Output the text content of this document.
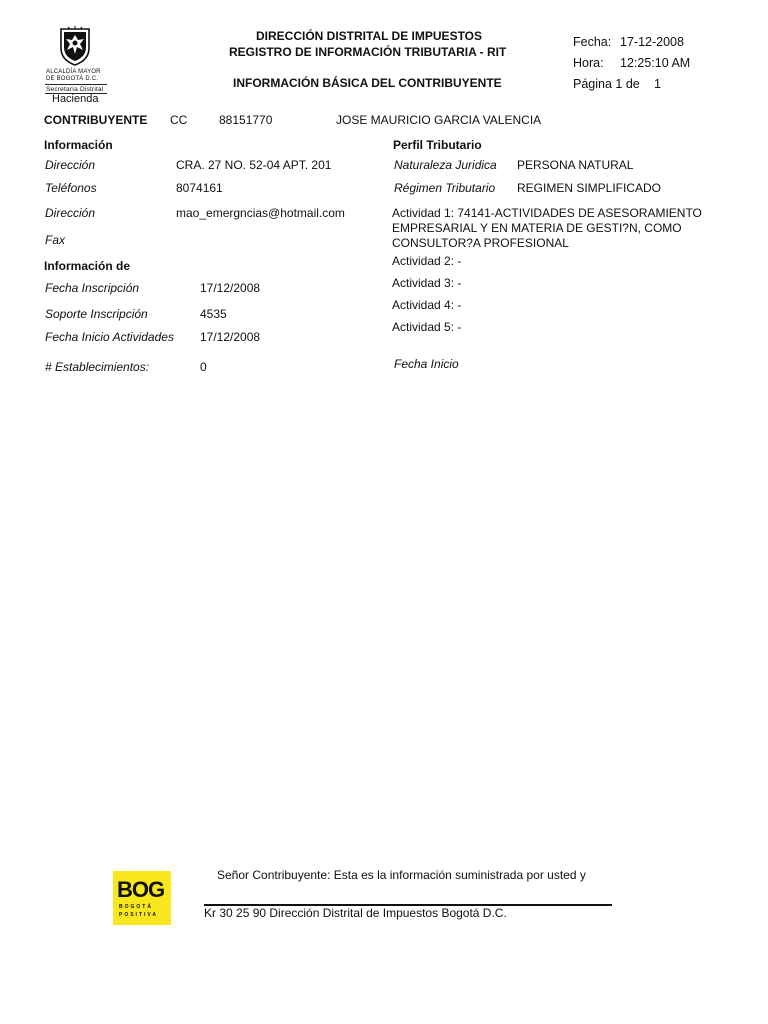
ALCALDÍA MAYOR
DE BOGOTÁ D.C.
Secretaría Distrital
Hacienda
DIRECCIÓN DISTRITAL DE IMPUESTOS
REGISTRO DE INFORMACIÓN TRIBUTARIA - RIT
INFORMACIÓN BÁSICA DEL CONTRIBUYENTE
Fecha: 17-12-2008
Hora: 12:25:10 AM
Página 1 de 1
CONTRIBUYENTE CC	88151770	JOSE MAURICIO GARCIA VALENCIA
Información
Dirección	CRA. 27 NO. 52-04 APT. 201
Teléfonos	8074161
Dirección	mao_emergncias@hotmail.com
Fax
Información de
Fecha Inscripción	17/12/2008
Soporte Inscripción	4535
Fecha Inicio Actividades 17/12/2008
# Establecimientos:	0
Perfil Tributario
Naturaleza Juridica PERSONA NATURAL
Régimen Tributario REGIMEN SIMPLIFICADO
Actividad 1: 74141-ACTIVIDADES DE ASESORAMIENTO
EMPRESARIAL Y EN MATERIA DE GESTI?N, COMO
CONSULTOR?A PROFESIONAL
Actividad 2: -
Actividad 3: -
Actividad 4: -
Actividad 5: -
Fecha Inicio
BOG
BOGOTÁ
POSITIVA
Señor Contribuyente: Esta es la información suministrada por usted y
Kr 30 25 90 Dirección Distrital de Impuestos Bogotá D.C.
